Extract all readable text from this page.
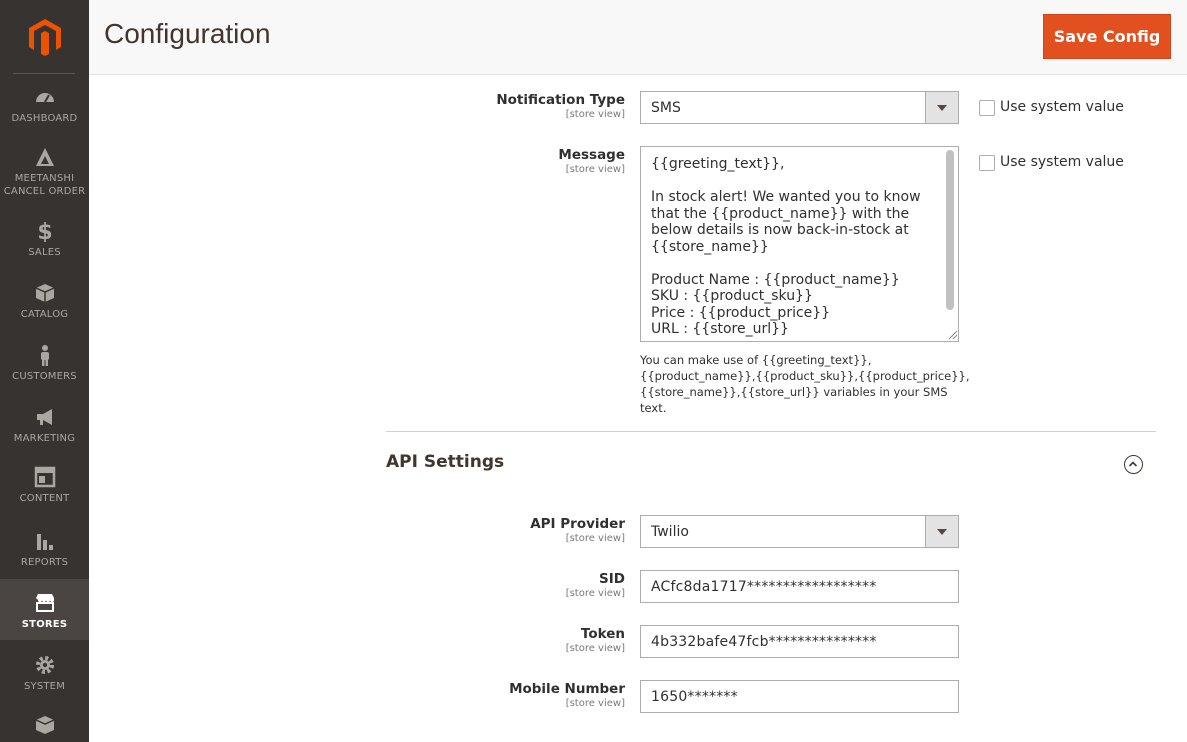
DASHBOARD
MEETANSHI CANCEL ORDER
$
SALES
CATALOG
CUSTOMERS
MARKETING
CONTENT
REPORTS
STORES
SYSTEM
Configuration	Save Config
Notification Type
[store view] SMS	Use system value
Message
[store view]	{{greeting_text}},

In stock alert! We wanted you to know that the {{product_name}} with the below details is now back-in-stock at {{store_name}}

Product Name : {{product_name}}
SKU : {{product_sku}}
Price : {{product_price}}
URL : {{store_url}}
Use system value
You can make use of {{greeting_text}},{{product_name}},{{product_sku}},{{product_price}},{{store_name}},{{store_url}} variables in your SMS text.
API Settings
API Provider
[store view] Twilio
SID
[store view] ACfc8da1717******************
Token
[store view] 4b332bafe47fcb***************
Mobile Number
[store view] 1650*******
